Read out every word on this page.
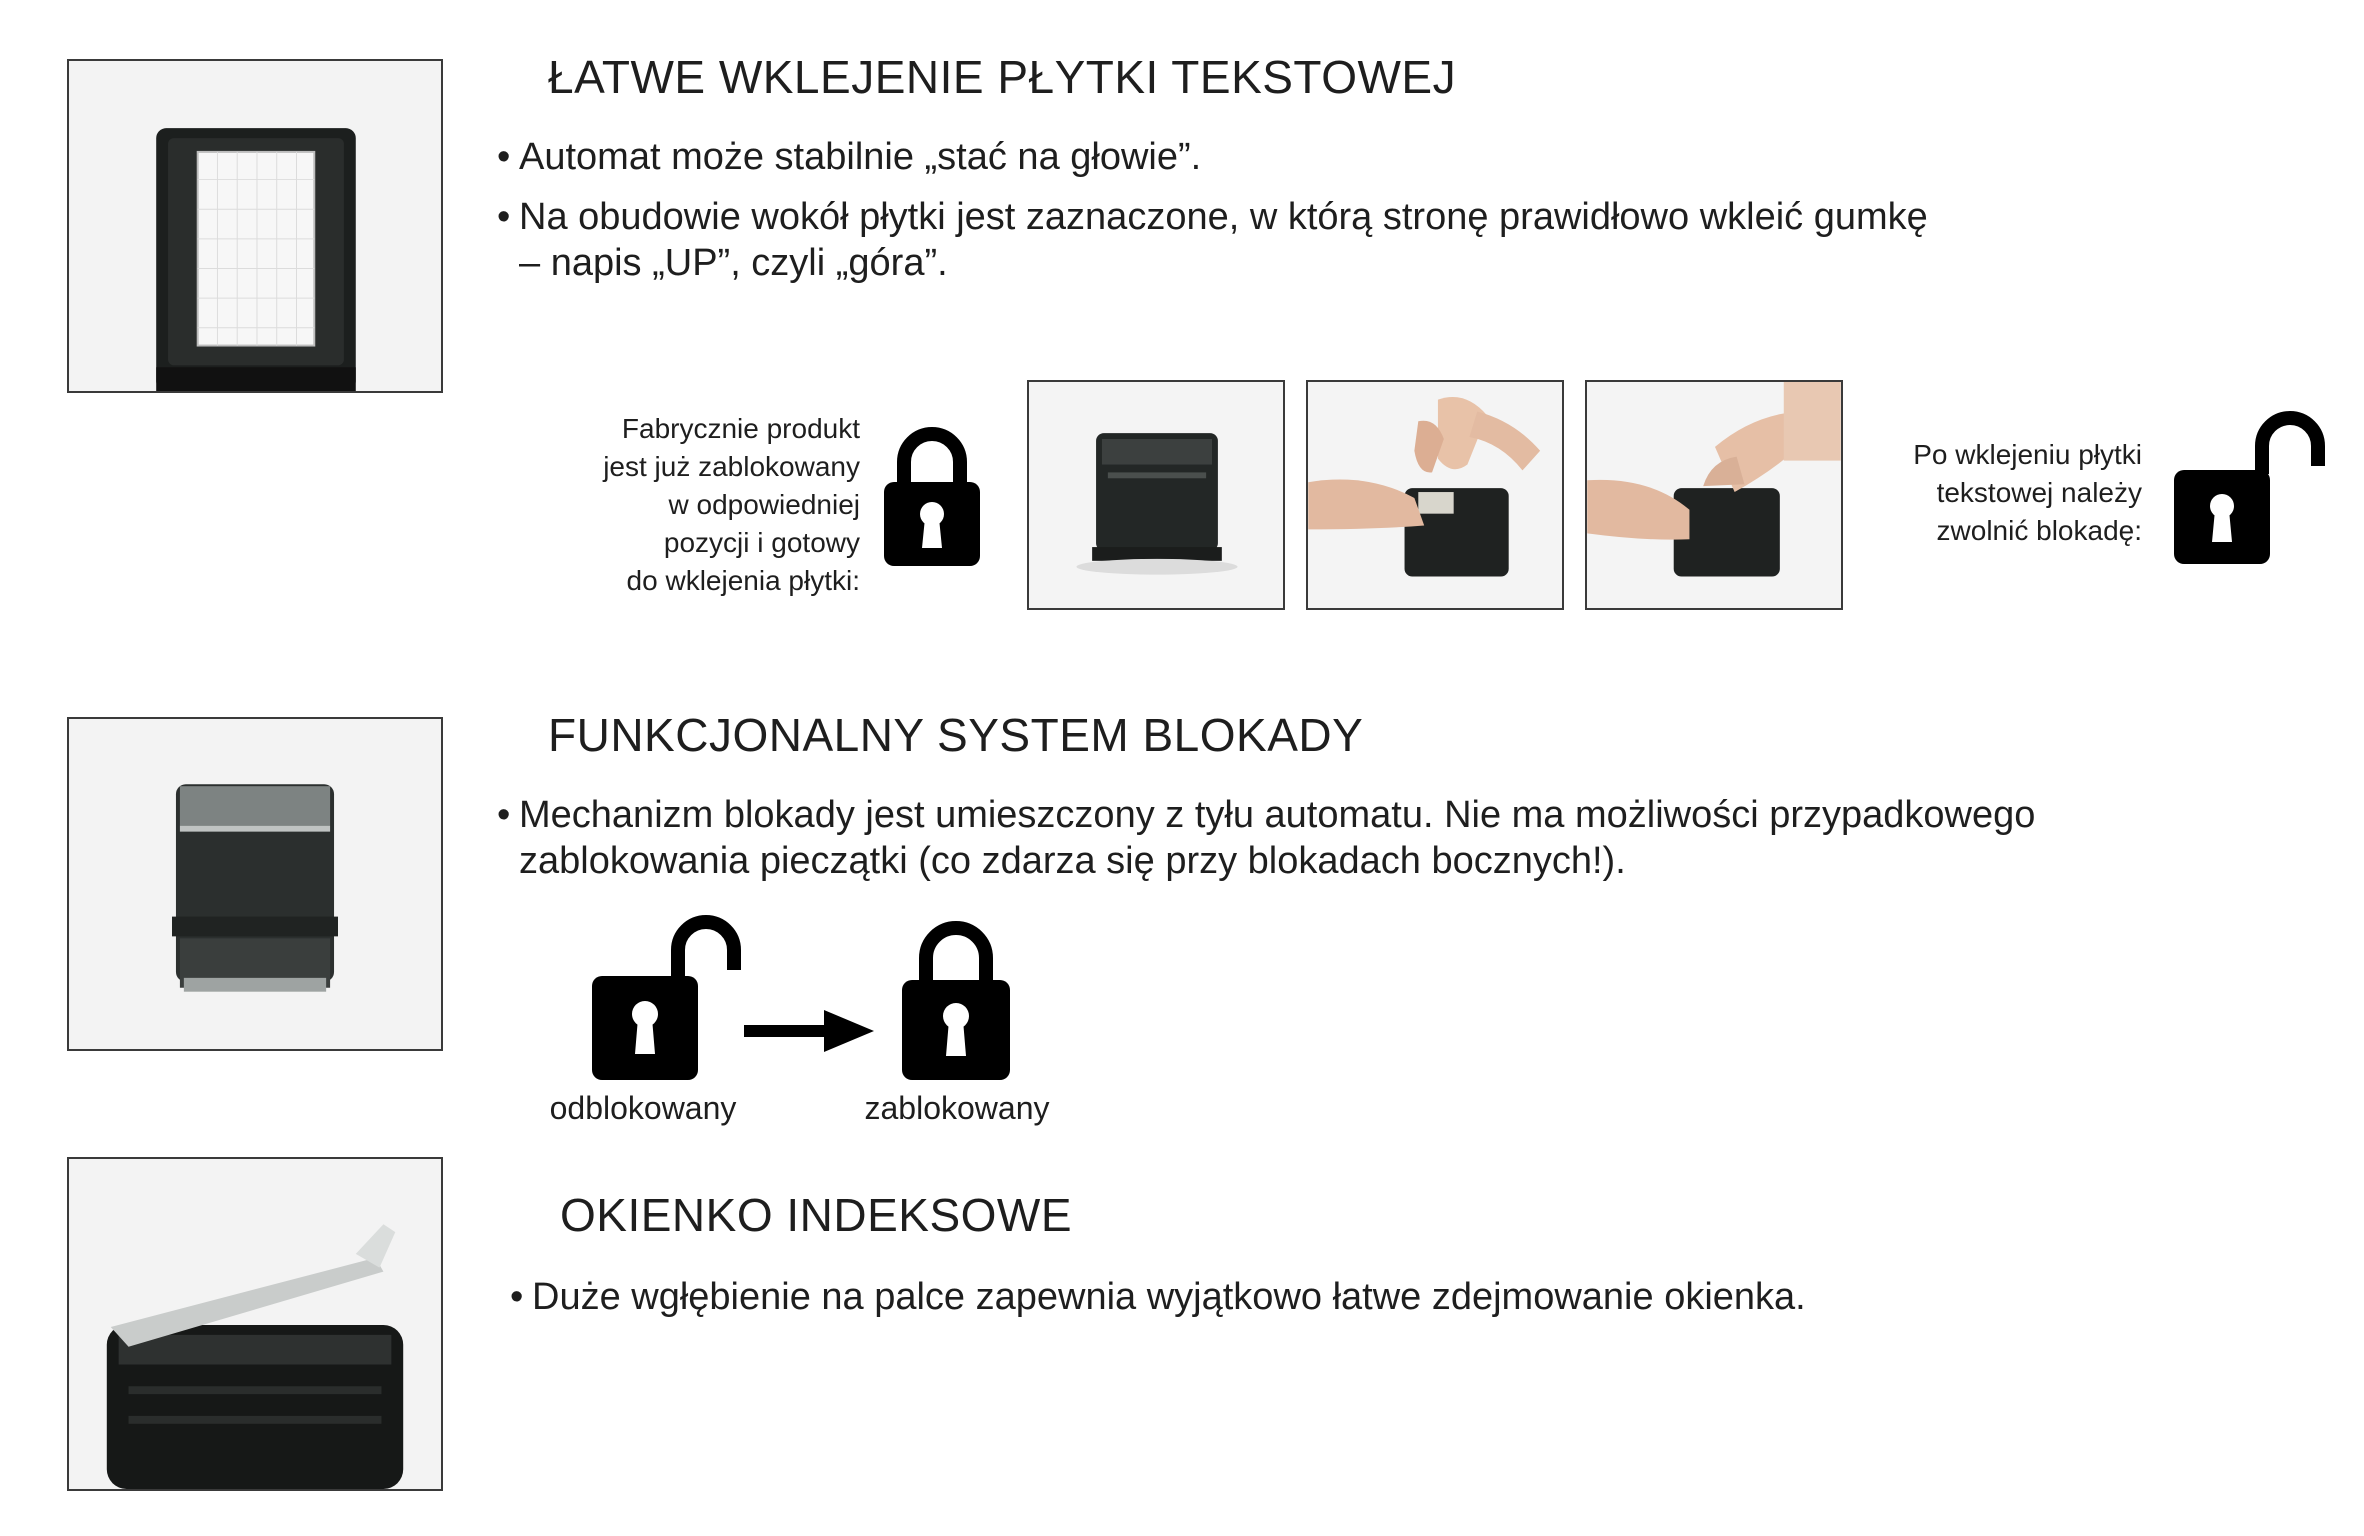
ŁATWE WKLEJENIE PŁYTKI TEKSTOWEJ
• Automat może stabilnie „stać na głowie”.
• Na obudowie wokół płytki jest zaznaczone, w którą stronę prawidłowo wkleić gumkę
– napis „UP”, czyli „góra”.
Fabrycznie produkt
jest już zablokowany
w odpowiedniej
pozycji i gotowy
do wklejenia płytki:
Po wklejeniu płytki
tekstowej należy
zwolnić blokadę:
FUNKCJONALNY SYSTEM BLOKADY
• Mechanizm blokady jest umieszczony z tyłu automatu. Nie ma możliwości przypadkowego
zablokowania pieczątki (co zdarza się przy blokadach bocznych!).
odblokowany	zablokowany
OKIENKO INDEKSOWE
• Duże wgłębienie na palce zapewnia wyjątkowo łatwe zdejmowanie okienka.
